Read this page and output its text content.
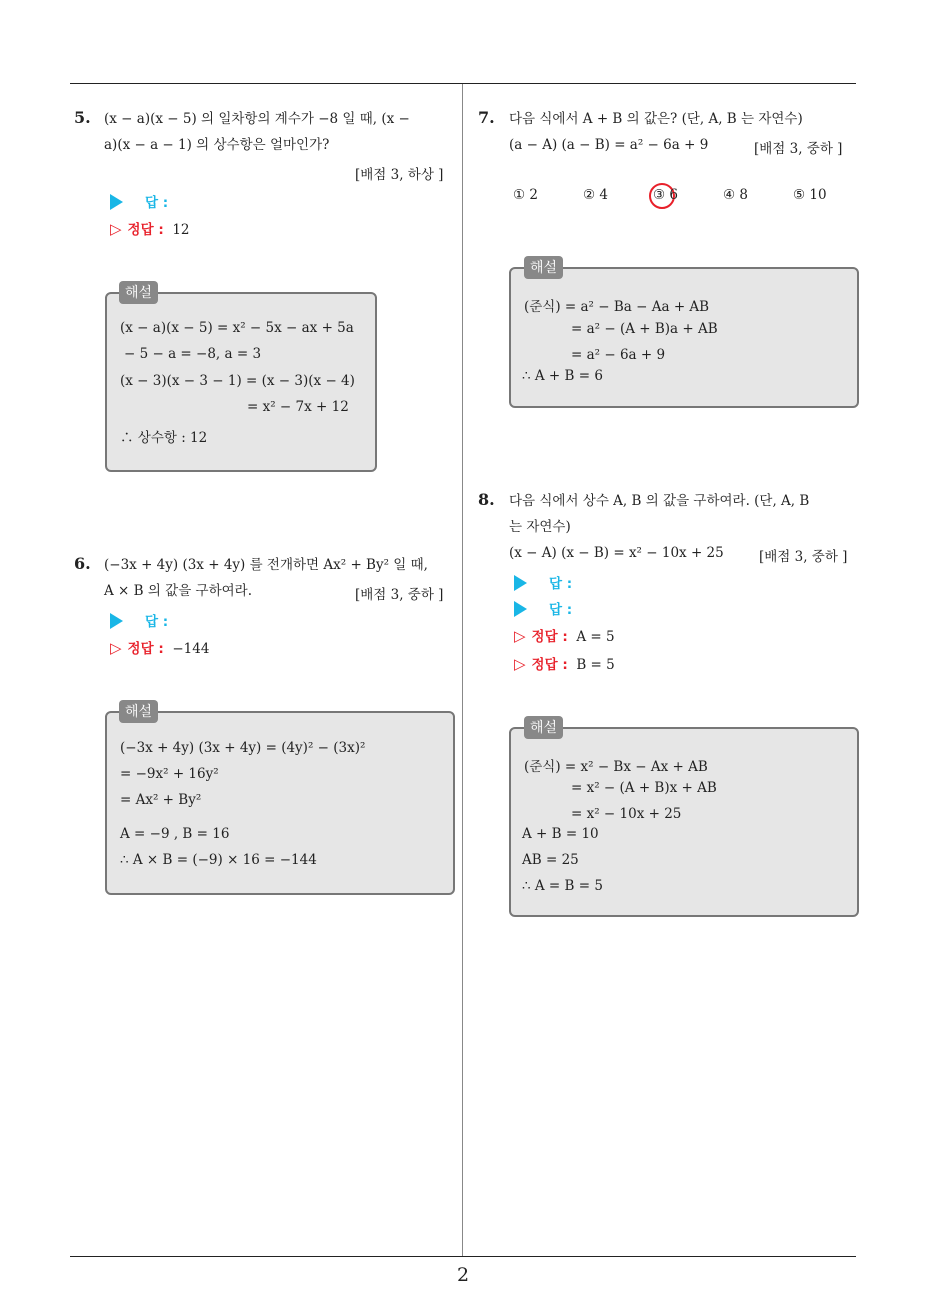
2
5. (x − a)(x − 5) 의 일차항의 계수가 −8 일 때, (x −
a)(x − a − 1) 의 상수항은 얼마인가?
[배점 3, 하상 ]
답 :
▷ 정답 : 12
해설
(x − a)(x − 5) = x² − 5x − ax + 5a
− 5 − a = −8, a = 3
(x − 3)(x − 3 − 1) = (x − 3)(x − 4)
= x² − 7x + 12
∴ 상수항 : 12
6. (−3x + 4y) (3x + 4y) 를 전개하면 Ax² + By² 일 때,
A × B 의 값을 구하여라.	[배점 3, 중하 ]
답 :
▷ 정답 : −144
해설
(−3x + 4y) (3x + 4y) = (4y)² − (3x)²
= −9x² + 16y²
= Ax² + By²
A = −9 , B = 16
∴ A × B = (−9) × 16 = −144
7. 다음 식에서 A + B 의 값은? (단, A, B 는 자연수)
(a − A) (a − B) = a² − 6a + 9	[배점 3, 중하 ]
① 2	② 4	③ 6	④ 8	⑤ 10
해설
(준식) = a² − Ba − Aa + AB
= a² − (A + B)a + AB
= a² − 6a + 9
∴ A + B = 6
8. 다음 식에서 상수 A, B 의 값을 구하여라. (단, A, B
는 자연수)
(x − A) (x − B) = x² − 10x + 25	[배점 3, 중하 ]
답 :
답 :
▷ 정답 : A = 5
▷ 정답 : B = 5
해설
(준식) = x² − Bx − Ax + AB
= x² − (A + B)x + AB
= x² − 10x + 25
A + B = 10
AB = 25
∴ A = B = 5
